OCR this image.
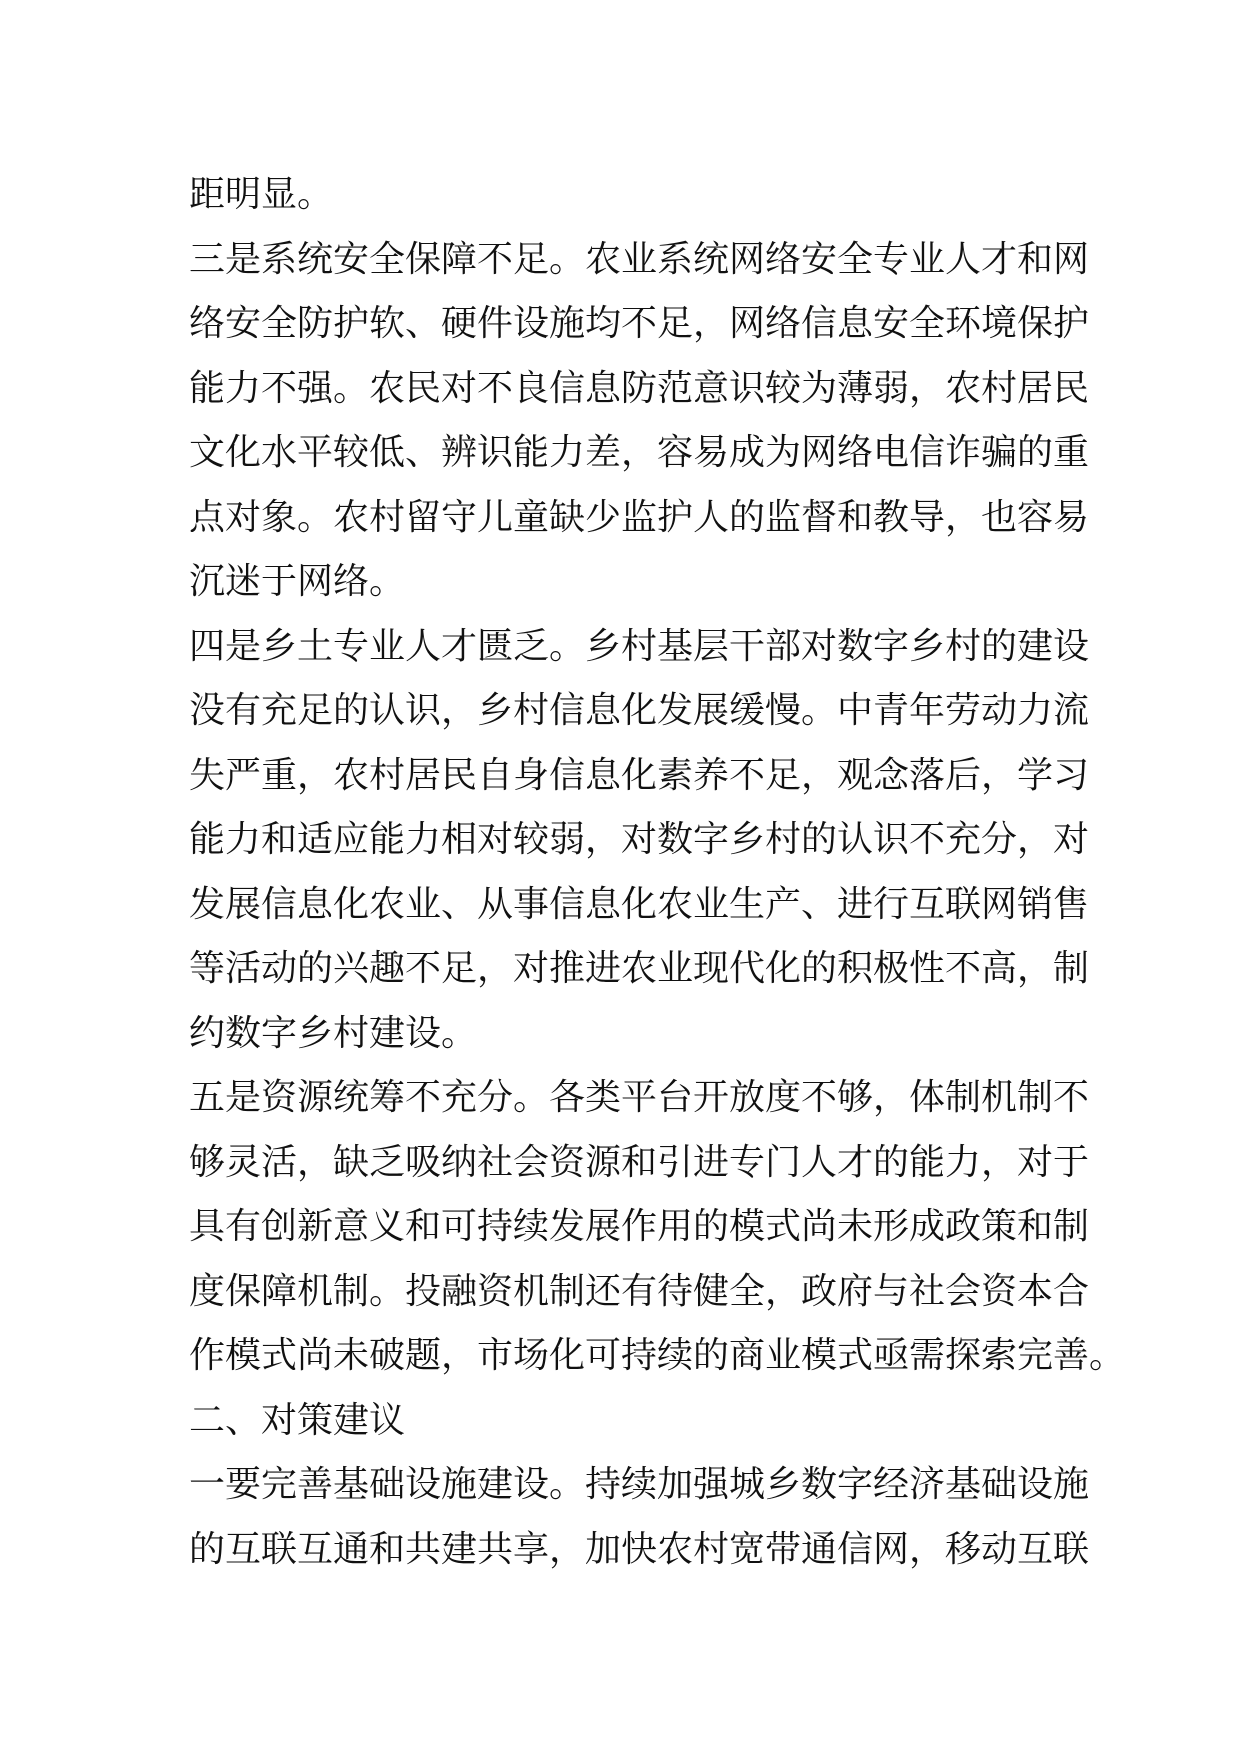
距明显。
三是系统安全保障不足。农业系统网络安全专业人才和网
络安全防护软、硬件设施均不足，网络信息安全环境保护
能力不强。农民对不良信息防范意识较为薄弱，农村居民
文化水平较低、辨识能力差，容易成为网络电信诈骗的重
点对象。农村留守儿童缺少监护人的监督和教导，也容易
沉迷于网络。
四是乡土专业人才匮乏。乡村基层干部对数字乡村的建设
没有充足的认识，乡村信息化发展缓慢。中青年劳动力流
失严重，农村居民自身信息化素养不足，观念落后，学习
能力和适应能力相对较弱，对数字乡村的认识不充分，对
发展信息化农业、从事信息化农业生产、进行互联网销售
等活动的兴趣不足，对推进农业现代化的积极性不高，制
约数字乡村建设。
五是资源统筹不充分。各类平台开放度不够，体制机制不
够灵活，缺乏吸纳社会资源和引进专门人才的能力，对于
具有创新意义和可持续发展作用的模式尚未形成政策和制
度保障机制。投融资机制还有待健全，政府与社会资本合
作模式尚未破题，市场化可持续的商业模式亟需探索完善。
二、对策建议
一要完善基础设施建设。持续加强城乡数字经济基础设施
的互联互通和共建共享，加快农村宽带通信网，移动互联
